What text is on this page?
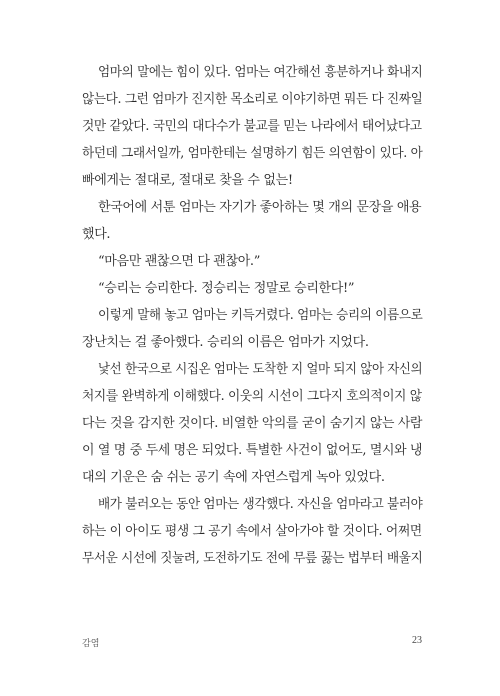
엄마의 말에는 힘이 있다. 엄마는 여간해선 흥분하거나 화내지
않는다. 그런 엄마가 진지한 목소리로 이야기하면 뭐든 다 진짜일
것만 같았다. 국민의 대다수가 불교를 믿는 나라에서 태어났다고
하던데 그래서일까, 엄마한테는 설명하기 힘든 의연함이 있다. 아
빠에게는 절대로, 절대로 찾을 수 없는!
한국어에 서툰 엄마는 자기가 좋아하는 몇 개의 문장을 애용
했다.
“마음만 괜찮으면 다 괜찮아.”
“승리는 승리한다. 정승리는 정말로 승리한다!”
이렇게 말해 놓고 엄마는 키득거렸다. 엄마는 승리의 이름으로
장난치는 걸 좋아했다. 승리의 이름은 엄마가 지었다.
낯선 한국으로 시집온 엄마는 도착한 지 얼마 되지 않아 자신의
처지를 완벽하게 이해했다. 이웃의 시선이 그다지 호의적이지 않
다는 것을 감지한 것이다. 비열한 악의를 굳이 숨기지 않는 사람
이 열 명 중 두세 명은 되었다. 특별한 사건이 없어도, 멸시와 냉
대의 기운은 숨 쉬는 공기 속에 자연스럽게 녹아 있었다.
배가 불러오는 동안 엄마는 생각했다. 자신을 엄마라고 불러야
하는 이 아이도 평생 그 공기 속에서 살아가야 할 것이다. 어쩌면
무서운 시선에 짓눌려, 도전하기도 전에 무릎 꿇는 법부터 배울지
감염	23
